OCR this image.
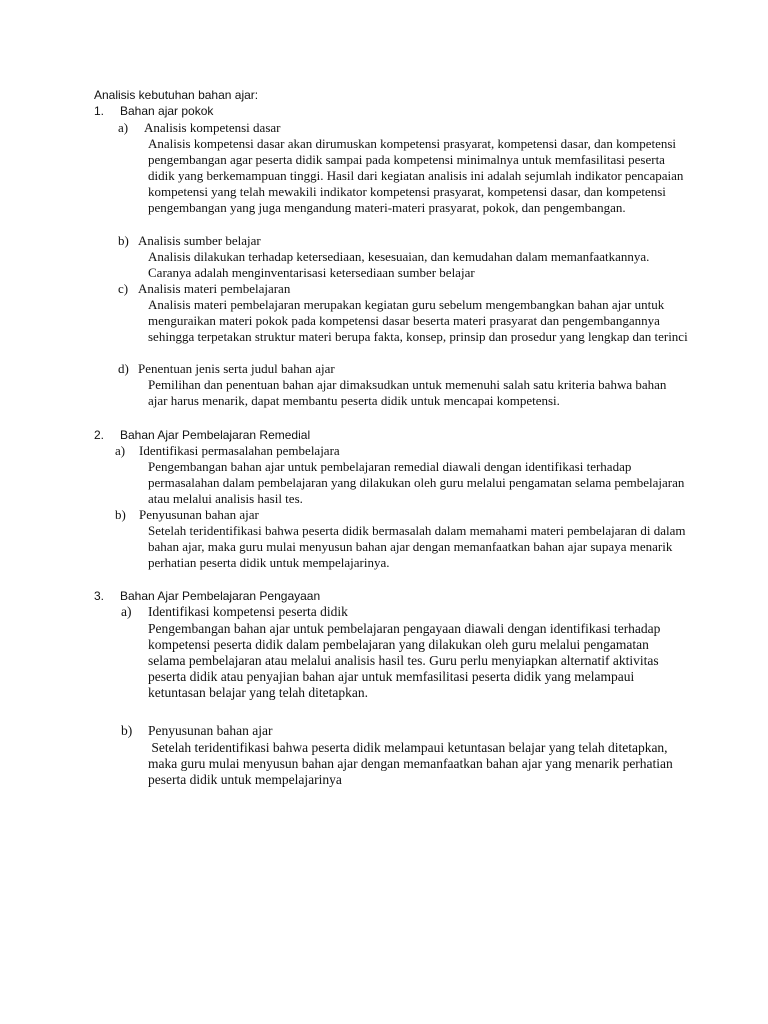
Analisis kebutuhan bahan ajar:
1. Bahan ajar pokok
a) Analisis kompetensi dasar

Analisis kompetensi dasar akan dirumuskan kompetensi prasyarat, kompetensi dasar, dan kompetensi pengembangan agar peserta didik sampai pada kompetensi minimalnya untuk memfasilitasi peserta didik yang berkemampuan tinggi. Hasil dari kegiatan analisis ini adalah sejumlah indikator pencapaian kompetensi yang telah mewakili indikator kompetensi prasyarat, kompetensi dasar, dan kompetensi pengembangan yang juga mengandung materi-materi prasyarat, pokok, dan pengembangan.

b) Analisis sumber belajar

Analisis dilakukan terhadap ketersediaan, kesesuaian, dan kemudahan dalam memanfaatkannya. Caranya adalah menginventarisasi ketersediaan sumber belajar

c) Analisis materi pembelajaran

Analisis materi pembelajaran merupakan kegiatan guru sebelum mengembangkan bahan ajar untuk menguraikan materi pokok pada kompetensi dasar beserta materi prasyarat dan pengembangannya sehingga terpetakan struktur materi berupa fakta, konsep, prinsip dan prosedur yang lengkap dan terinci

d) Penentuan jenis serta judul bahan ajar

Pemilihan dan penentuan bahan ajar dimaksudkan untuk memenuhi salah satu kriteria bahwa bahan ajar harus menarik, dapat membantu peserta didik untuk mencapai kompetensi.

2. Bahan Ajar Pembelajaran Remedial
a) Identifikasi permasalahan pembelajara

Pengembangan bahan ajar untuk pembelajaran remedial diawali dengan identifikasi terhadap permasalahan dalam pembelajaran yang dilakukan oleh guru melalui pengamatan selama pembelajaran atau melalui analisis hasil tes.

b) Penyusunan bahan ajar

Setelah teridentifikasi bahwa peserta didik bermasalah dalam memahami materi pembelajaran di dalam bahan ajar, maka guru mulai menyusun bahan ajar dengan memanfaatkan bahan ajar supaya menarik perhatian peserta didik untuk mempelajarinya.

3. Bahan Ajar Pembelajaran Pengayaan
a) Identifikasi kompetensi peserta didik

Pengembangan bahan ajar untuk pembelajaran pengayaan diawali dengan identifikasi terhadap kompetensi peserta didik dalam pembelajaran yang dilakukan oleh guru melalui pengamatan selama pembelajaran atau melalui analisis hasil tes. Guru perlu menyiapkan alternatif aktivitas peserta didik atau penyajian bahan ajar untuk memfasilitasi peserta didik yang melampaui ketuntasan belajar yang telah ditetapkan.

b) Penyusunan bahan ajar

Setelah teridentifikasi bahwa peserta didik melampaui ketuntasan belajar yang telah ditetapkan, maka guru mulai menyusun bahan ajar dengan memanfaatkan bahan ajar yang menarik perhatian peserta didik untuk mempelajarinya
